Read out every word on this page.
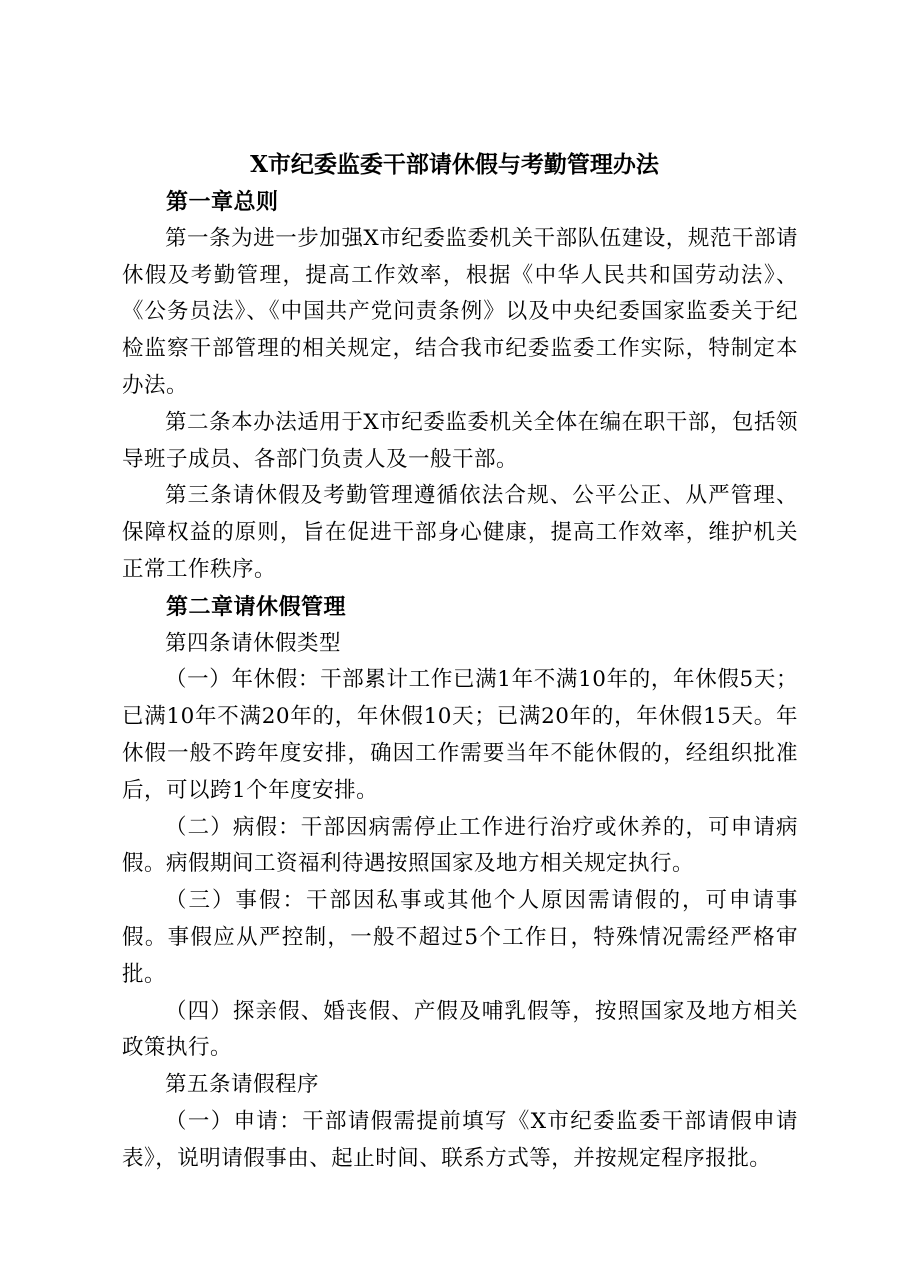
X市纪委监委干部请休假与考勤管理办法

第一章总则

第一条为进一步加强X市纪委监委机关干部队伍建设，规范干部请休假及考勤管理，提高工作效率，根据《中华人民共和国劳动法》、《公务员法》、《中国共产党问责条例》以及中央纪委国家监委关于纪检监察干部管理的相关规定，结合我市纪委监委工作实际，特制定本办法。

第二条本办法适用于X市纪委监委机关全体在编在职干部，包括领导班子成员、各部门负责人及一般干部。

第三条请休假及考勤管理遵循依法合规、公平公正、从严管理、保障权益的原则，旨在促进干部身心健康，提高工作效率，维护机关正常工作秩序。

第二章请休假管理

第四条请休假类型

（一）年休假：干部累计工作已满1年不满10年的，年休假5天；已满10年不满20年的，年休假10天；已满20年的，年休假15天。年休假一般不跨年度安排，确因工作需要当年不能休假的，经组织批准后，可以跨1个年度安排。

（二）病假：干部因病需停止工作进行治疗或休养的，可申请病假。病假期间工资福利待遇按照国家及地方相关规定执行。

（三）事假：干部因私事或其他个人原因需请假的，可申请事假。事假应从严控制，一般不超过5个工作日，特殊情况需经严格审批。

（四）探亲假、婚丧假、产假及哺乳假等，按照国家及地方相关政策执行。

第五条请假程序

（一）申请：干部请假需提前填写《X市纪委监委干部请假申请表》，说明请假事由、起止时间、联系方式等，并按规定程序报批。
